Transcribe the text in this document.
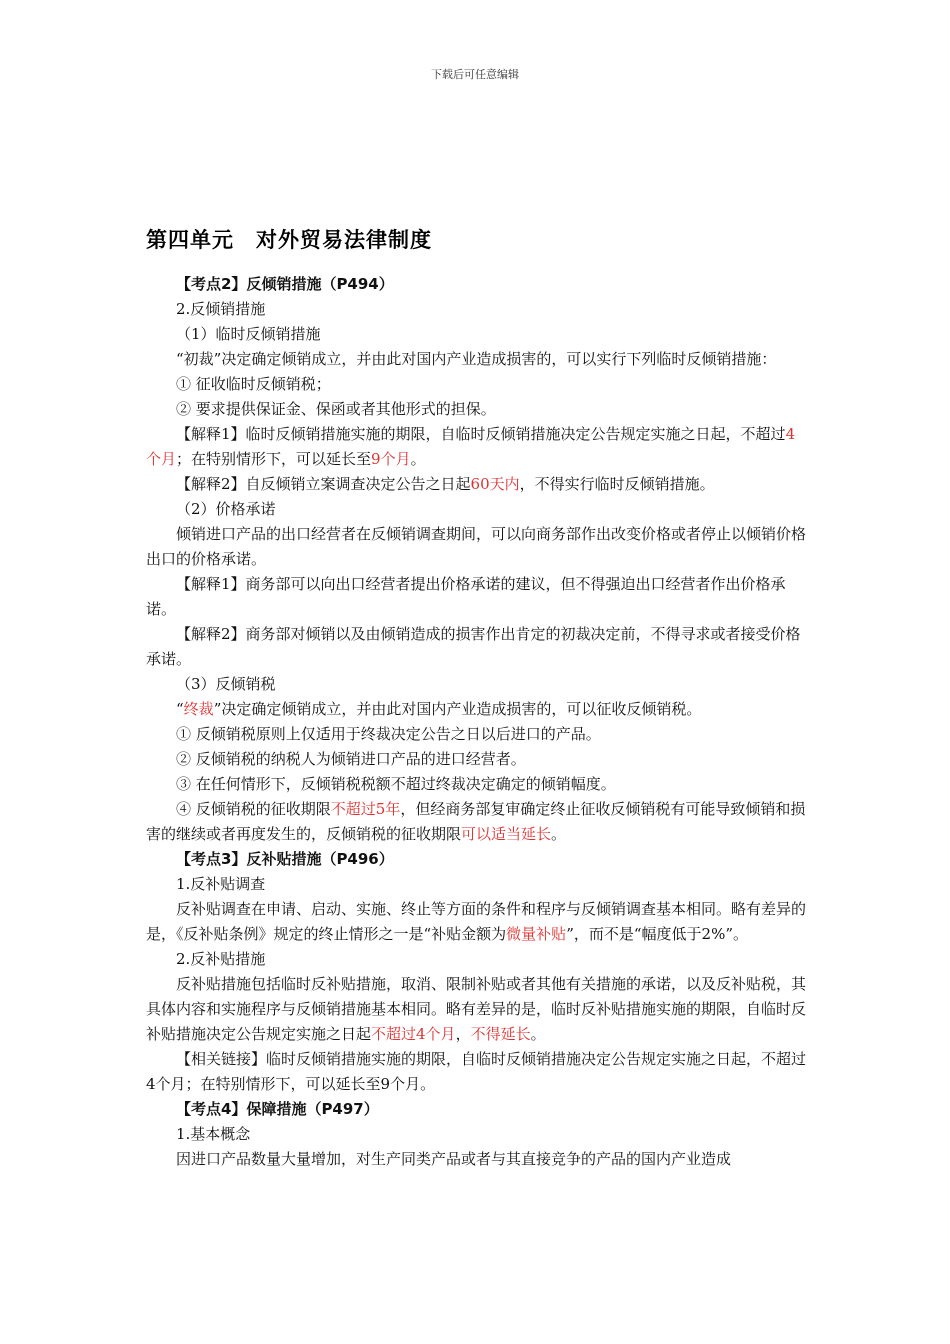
下载后可任意编辑
第四单元　对外贸易法律制度

【考点2】反倾销措施（P494）

2.反倾销措施

（1）临时反倾销措施

“初裁”决定确定倾销成立，并由此对国内产业造成损害的，可以实行下列临时反倾销措施：

① 征收临时反倾销税；

② 要求提供保证金、保函或者其他形式的担保。

【解释1】临时反倾销措施实施的期限，自临时反倾销措施决定公告规定实施之日起，不超过4个月；在特别情形下，可以延长至9个月。

【解释2】自反倾销立案调查决定公告之日起60天内，不得实行临时反倾销措施。

（2）价格承诺

倾销进口产品的出口经营者在反倾销调查期间，可以向商务部作出改变价格或者停止以倾销价格出口的价格承诺。

【解释1】商务部可以向出口经营者提出价格承诺的建议，但不得强迫出口经营者作出价格承诺。

【解释2】商务部对倾销以及由倾销造成的损害作出肯定的初裁决定前，不得寻求或者接受价格承诺。

（3）反倾销税

“终裁”决定确定倾销成立，并由此对国内产业造成损害的，可以征收反倾销税。

① 反倾销税原则上仅适用于终裁决定公告之日以后进口的产品。

② 反倾销税的纳税人为倾销进口产品的进口经营者。

③ 在任何情形下，反倾销税税额不超过终裁决定确定的倾销幅度。

④ 反倾销税的征收期限不超过5年，但经商务部复审确定终止征收反倾销税有可能导致倾销和损害的继续或者再度发生的，反倾销税的征收期限可以适当延长。

【考点3】反补贴措施（P496）

1.反补贴调查

反补贴调查在申请、启动、实施、终止等方面的条件和程序与反倾销调查基本相同。略有差异的是，《反补贴条例》规定的终止情形之一是“补贴金额为微量补贴”，而不是“幅度低于2%”。

2.反补贴措施

反补贴措施包括临时反补贴措施，取消、限制补贴或者其他有关措施的承诺，以及反补贴税，其具体内容和实施程序与反倾销措施基本相同。略有差异的是，临时反补贴措施实施的期限，自临时反补贴措施决定公告规定实施之日起不超过4个月，不得延长。

【相关链接】临时反倾销措施实施的期限，自临时反倾销措施决定公告规定实施之日起，不超过4个月；在特别情形下，可以延长至9个月。

【考点4】保障措施（P497）

1.基本概念

因进口产品数量大量增加，对生产同类产品或者与其直接竞争的产品的国内产业造成
